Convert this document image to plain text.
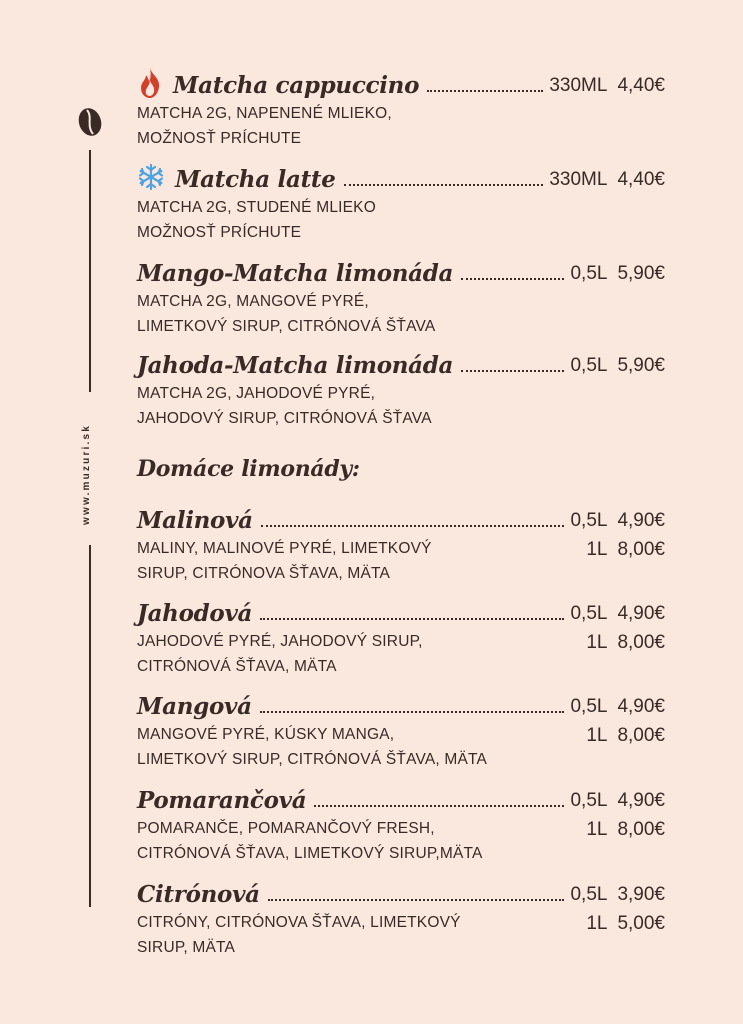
www.muzuri.sk
Matcha cappuccino	330ML 4,40€
MATCHA 2G, NAPENENÉ MLIEKO,
MOŽNOSŤ PRÍCHUTE
Matcha latte	330ML 4,40€
MATCHA 2G, STUDENÉ MLIEKO
MOŽNOSŤ PRÍCHUTE
Mango-Matcha limonáda	0,5L 5,90€
MATCHA 2G, MANGOVÉ PYRÉ,
LIMETKOVÝ SIRUP, CITRÓNOVÁ ŠŤAVA
Jahoda-Matcha limonáda	0,5L 5,90€
MATCHA 2G, JAHODOVÉ PYRÉ,
JAHODOVÝ SIRUP, CITRÓNOVÁ ŠŤAVA
Domáce limonády:
Malinová	0,5L 4,90€
MALINY, MALINOVÉ PYRÉ, LIMETKOVÝ
SIRUP, CITRÓNOVA ŠŤAVA, MÄTA
1L 8,00€
Jahodová	0,5L 4,90€
JAHODOVÉ PYRÉ, JAHODOVÝ SIRUP,
CITRÓNOVÁ ŠŤAVA, MÄTA
1L 8,00€
Mangová	0,5L 4,90€
MANGOVÉ PYRÉ, KÚSKY MANGA,
LIMETKOVÝ SIRUP, CITRÓNOVÁ ŠŤAVA, MÄTA
1L 8,00€
Pomarančová	0,5L 4,90€
POMARANČE, POMARANČOVÝ FRESH,
CITRÓNOVÁ ŠŤAVA, LIMETKOVÝ SIRUP,MÄTA
1L 8,00€
Citrónová	0,5L 3,90€
CITRÓNY, CITRÓNOVA ŠŤAVA, LIMETKOVÝ
SIRUP, MÄTA
1L 5,00€
